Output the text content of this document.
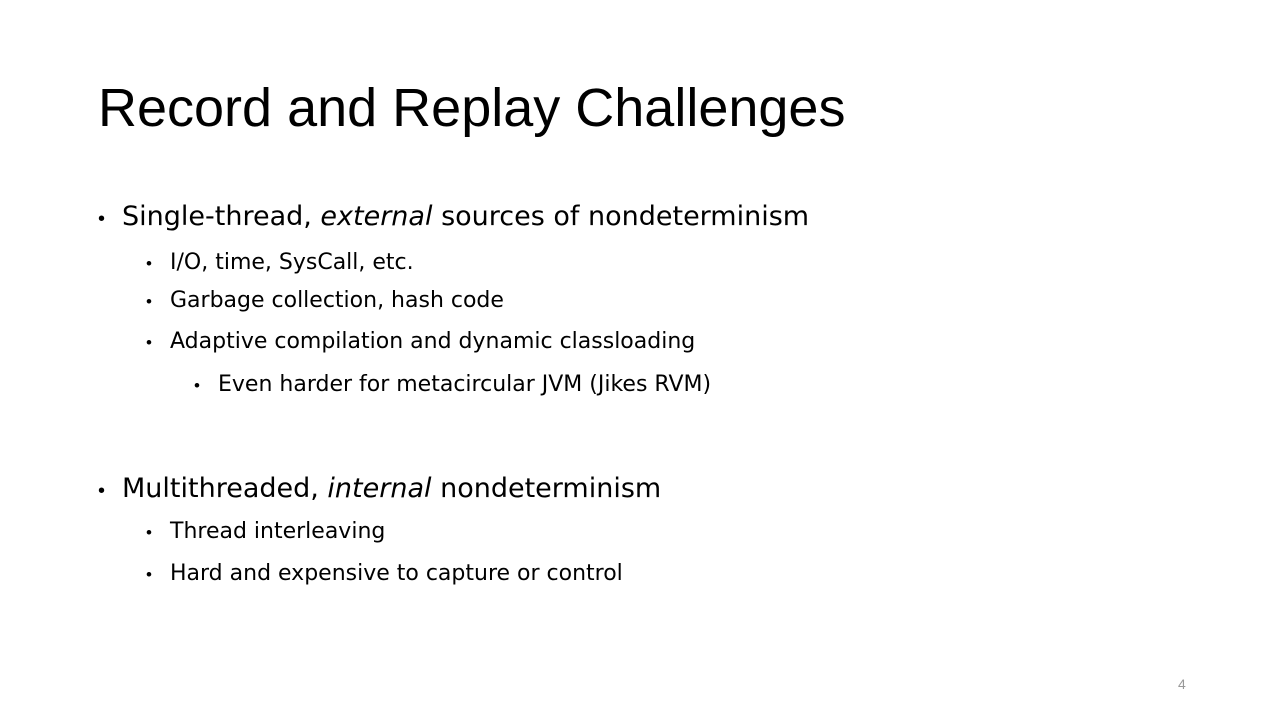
Record and Replay Challenges
• Single-thread, external sources of nondeterminism
• I/O, time, SysCall, etc.
• Garbage collection, hash code
• Adaptive compilation and dynamic classloading
• Even harder for metacircular JVM (Jikes RVM)
• Multithreaded, internal nondeterminism
• Thread interleaving
• Hard and expensive to capture or control
4
